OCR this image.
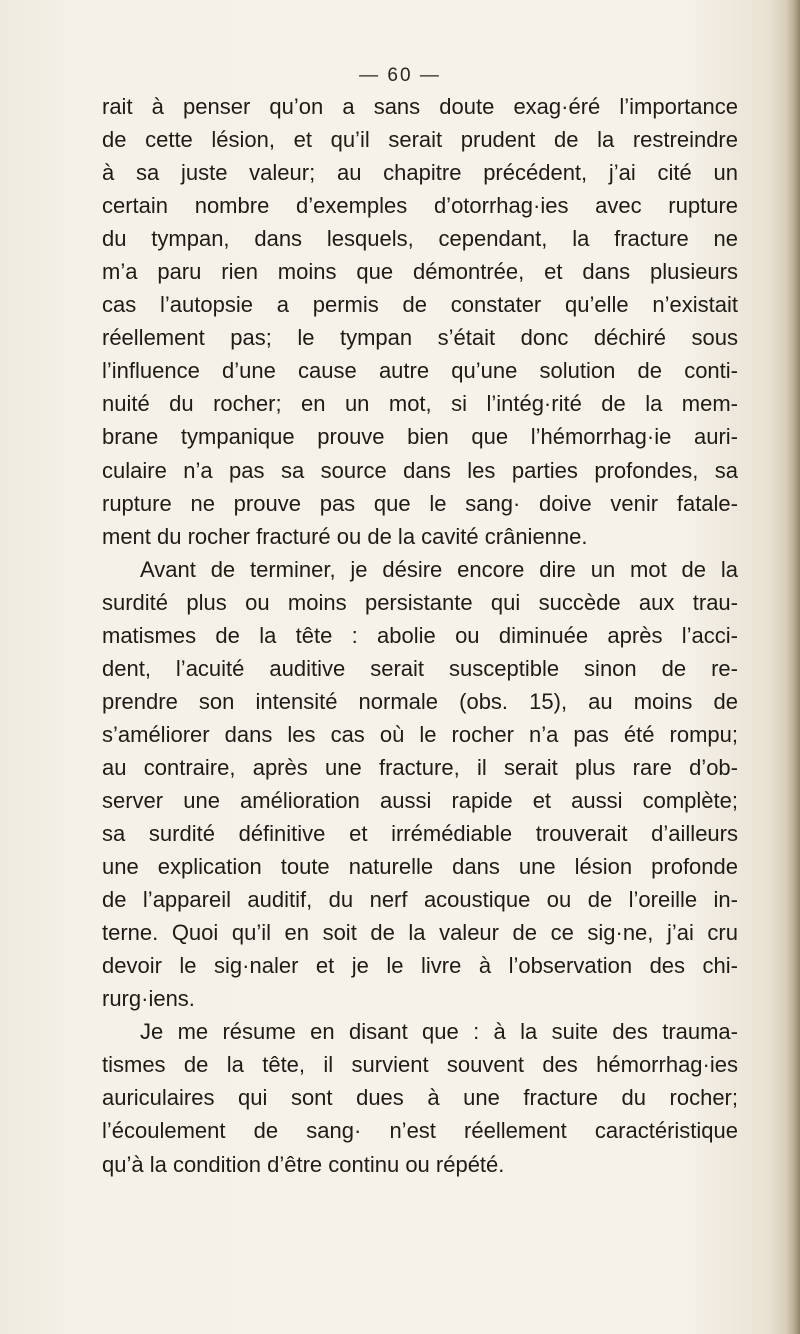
— 60 —
rait à penser qu’on a sans doute exag·éré l’importance
de cette lésion, et qu’il serait prudent de la restreindre
à sa juste valeur; au chapitre précédent, j’ai cité un
certain nombre d’exemples d’otorrhag·ies avec rupture
du tympan, dans lesquels, cependant, la fracture ne
m’a paru rien moins que démontrée, et dans plusieurs
cas l’autopsie a permis de constater qu’elle n’existait
réellement pas; le tympan s’était donc déchiré sous
l’influence d’une cause autre qu’une solution de conti-
nuité du rocher; en un mot, si l’intég·rité de la mem-
brane tympanique prouve bien que l’hémorrhag·ie auri-
culaire n’a pas sa source dans les parties profondes, sa
rupture ne prouve pas que le sang· doive venir fatale-
ment du rocher fracturé ou de la cavité crânienne.
Avant de terminer, je désire encore dire un mot de la
surdité plus ou moins persistante qui succède aux trau-
matismes de la tête : abolie ou diminuée après l’acci-
dent, l’acuité auditive serait susceptible sinon de re-
prendre son intensité normale (obs. 15), au moins de
s’améliorer dans les cas où le rocher n’a pas été rompu;
au contraire, après une fracture, il serait plus rare d’ob-
server une amélioration aussi rapide et aussi complète;
sa surdité définitive et irrémédiable trouverait d’ailleurs
une explication toute naturelle dans une lésion profonde
de l’appareil auditif, du nerf acoustique ou de l’oreille in-
terne. Quoi qu’il en soit de la valeur de ce sig·ne, j’ai cru
devoir le sig·naler et je le livre à l’observation des chi-
rurg·iens.
Je me résume en disant que : à la suite des trauma-
tismes de la tête, il survient souvent des hémorrhag·ies
auriculaires qui sont dues à une fracture du rocher;
l’écoulement de sang· n’est réellement caractéristique
qu’à la condition d’être continu ou répété.
